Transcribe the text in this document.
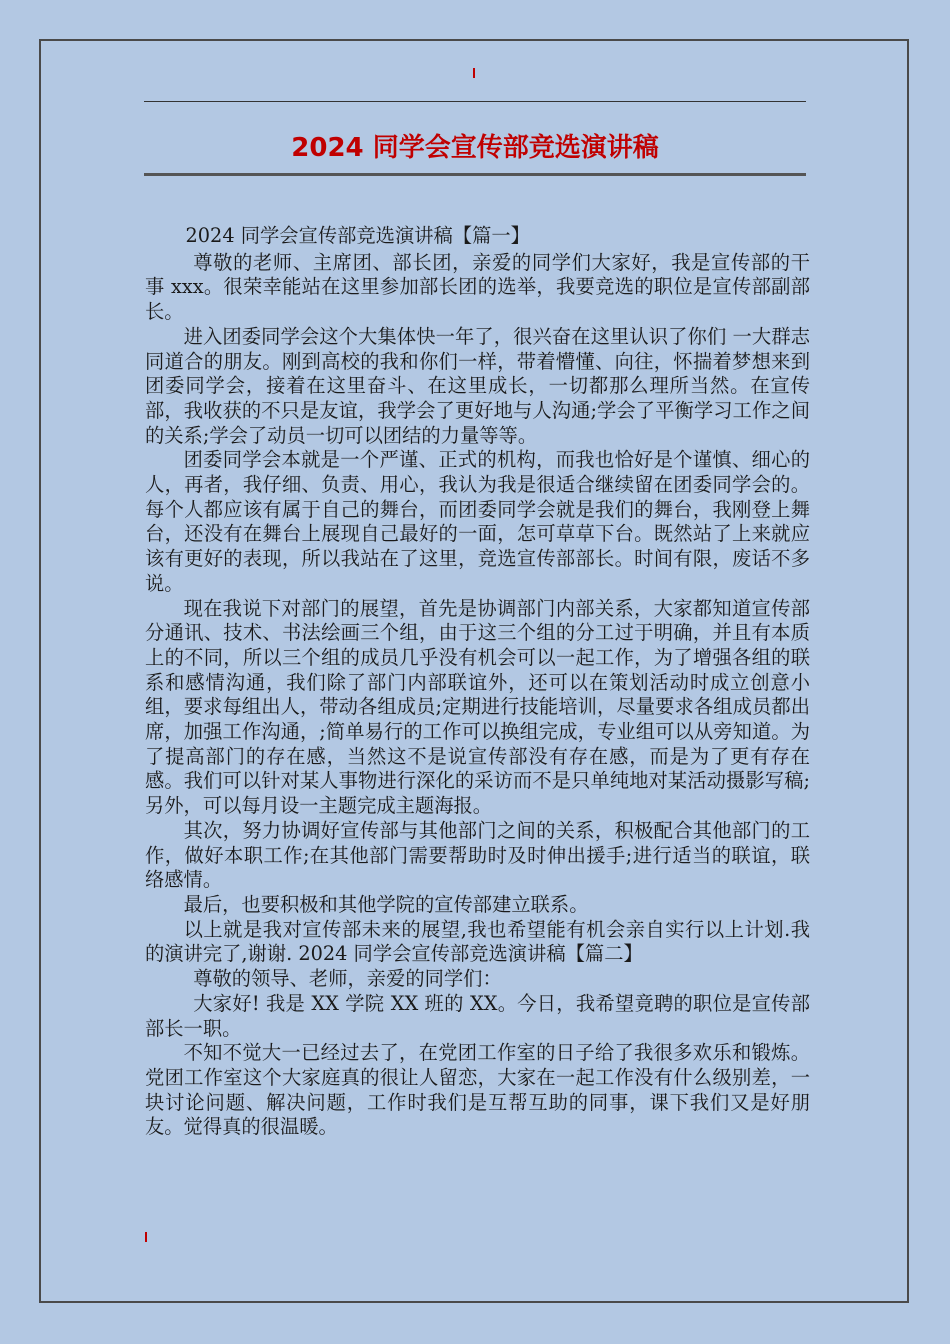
2024 同学会宣传部竞选演讲稿

2024 同学会宣传部竞选演讲稿【篇一】

尊敬的老师、主席团、部长团，亲爱的同学们大家好，我是宣传部的干事 xxx。很荣幸能站在这里参加部长团的选举，我要竞选的职位是宣传部副部长。

进入团委同学会这个大集体快一年了，很兴奋在这里认识了你们 一大群志同道合的朋友。刚到高校的我和你们一样，带着懵懂、向往，怀揣着梦想来到团委同学会，接着在这里奋斗、在这里成长，一切都那么理所当然。在宣传部，我收获的不只是友谊，我学会了更好地与人沟通;学会了平衡学习工作之间的关系;学会了动员一切可以团结的力量等等。

团委同学会本就是一个严谨、正式的机构，而我也恰好是个谨慎、细心的人，再者，我仔细、负责、用心，我认为我是很适合继续留在团委同学会的。每个人都应该有属于自己的舞台，而团委同学会就是我们的舞台，我刚登上舞台，还没有在舞台上展现自己最好的一面，怎可草草下台。既然站了上来就应该有更好的表现，所以我站在了这里，竞选宣传部部长。时间有限，废话不多说。

现在我说下对部门的展望，首先是协调部门内部关系，大家都知道宣传部分通讯、技术、书法绘画三个组，由于这三个组的分工过于明确，并且有本质上的不同，所以三个组的成员几乎没有机会可以一起工作，为了增强各组的联系和感情沟通，我们除了部门内部联谊外，还可以在策划活动时成立创意小组，要求每组出人，带动各组成员;定期进行技能培训，尽量要求各组成员都出席，加强工作沟通，;简单易行的工作可以换组完成，专业组可以从旁知道。为了提高部门的存在感，当然这不是说宣传部没有存在感，而是为了更有存在感。我们可以针对某人事物进行深化的采访而不是只单纯地对某活动摄影写稿;另外，可以每月设一主题完成主题海报。

其次，努力协调好宣传部与其他部门之间的关系，积极配合其他部门的工作，做好本职工作;在其他部门需要帮助时及时伸出援手;进行适当的联谊，联络感情。

最后，也要积极和其他学院的宣传部建立联系。

以上就是我对宣传部未来的展望,我也希望能有机会亲自实行以上计划.我的演讲完了,谢谢. 2024 同学会宣传部竞选演讲稿【篇二】

尊敬的领导、老师，亲爱的同学们：

大家好! 我是 XX 学院 XX 班的 XX。今日，我希望竟聘的职位是宣传部部长一职。

不知不觉大一已经过去了，在党团工作室的日子给了我很多欢乐和锻炼。党团工作室这个大家庭真的很让人留恋，大家在一起工作没有什么级别差，一块讨论问题、解决问题，工作时我们是互帮互助的同事，课下我们又是好朋友。觉得真的很温暖。
